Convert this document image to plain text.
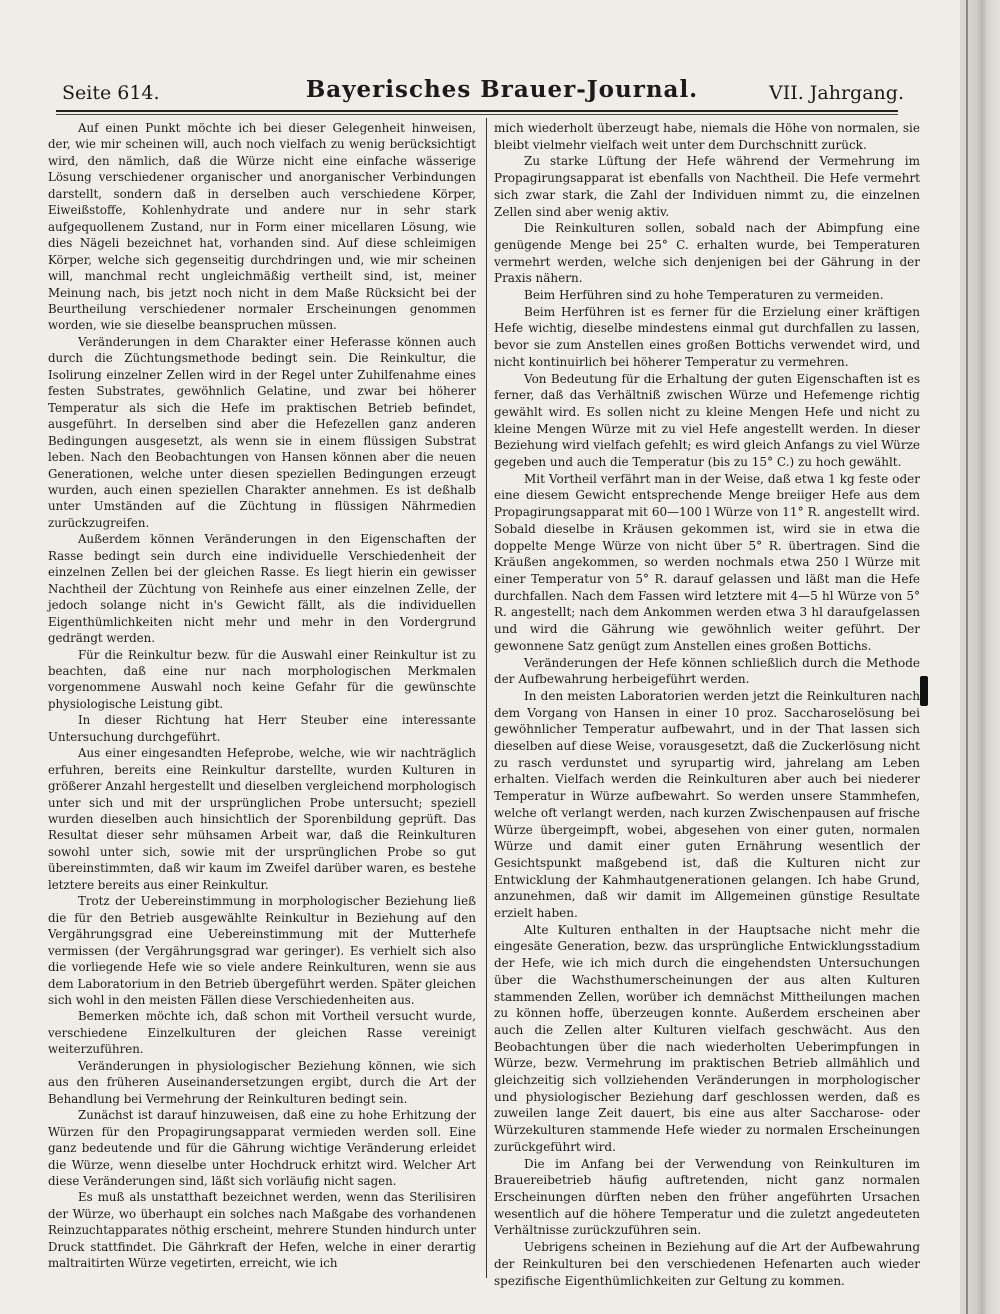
Seite 614.	Bayerisches Brauer-Journal.	VII. Jahrgang.

Auf einen Punkt möchte ich bei dieser Gelegenheit hinweisen, der, wie mir scheinen will, auch noch vielfach zu wenig berücksichtigt wird, den nämlich, daß die Würze nicht eine einfache wässerige Lösung verschiedener organischer und anorganischer Verbindungen darstellt, sondern daß in derselben auch verschiedene Körper, Eiweißstoffe, Kohlenhydrate und andere nur in sehr stark aufgequollenem Zustand, nur in Form einer micellaren Lösung, wie dies Nägeli bezeichnet hat, vorhanden sind. Auf diese schleimigen Körper, welche sich gegenseitig durchdringen und, wie mir scheinen will, manchmal recht ungleichmäßig vertheilt sind, ist, meiner Meinung nach, bis jetzt noch nicht in dem Maße Rücksicht bei der Beurtheilung verschiedener normaler Erscheinungen genommen worden, wie sie dieselbe beanspruchen müssen.

Veränderungen in dem Charakter einer Heferasse können auch durch die Züchtungsmethode bedingt sein. Die Reinkultur, die Isolirung einzelner Zellen wird in der Regel unter Zuhilfenahme eines festen Substrates, gewöhnlich Gelatine, und zwar bei höherer Temperatur als sich die Hefe im praktischen Betrieb befindet, ausgeführt. In derselben sind aber die Hefezellen ganz anderen Bedingungen ausgesetzt, als wenn sie in einem flüssigen Substrat leben. Nach den Beobachtungen von Hansen können aber die neuen Generationen, welche unter diesen speziellen Bedingungen erzeugt wurden, auch einen speziellen Charakter annehmen. Es ist deßhalb unter Umständen auf die Züchtung in flüssigen Nährmedien zurückzugreifen.

Außerdem können Veränderungen in den Eigenschaften der Rasse bedingt sein durch eine individuelle Verschiedenheit der einzelnen Zellen bei der gleichen Rasse. Es liegt hierin ein gewisser Nachtheil der Züchtung von Reinhefe aus einer einzelnen Zelle, der jedoch solange nicht in's Gewicht fällt, als die individuellen Eigenthümlichkeiten nicht mehr und mehr in den Vordergrund gedrängt werden.

Für die Reinkultur bezw. für die Auswahl einer Reinkultur ist zu beachten, daß eine nur nach morphologischen Merkmalen vorgenommene Auswahl noch keine Gefahr für die gewünschte physiologische Leistung gibt.

In dieser Richtung hat Herr Steuber eine interessante Untersuchung durchgeführt.

Aus einer eingesandten Hefeprobe, welche, wie wir nachträglich erfuhren, bereits eine Reinkultur darstellte, wurden Kulturen in größerer Anzahl hergestellt und dieselben vergleichend morphologisch unter sich und mit der ursprünglichen Probe untersucht; speziell wurden dieselben auch hinsichtlich der Sporenbildung geprüft. Das Resultat dieser sehr mühsamen Arbeit war, daß die Reinkulturen sowohl unter sich, sowie mit der ursprünglichen Probe so gut übereinstimmten, daß wir kaum im Zweifel darüber waren, es bestehe letztere bereits aus einer Reinkultur.

Trotz der Uebereinstimmung in morphologischer Beziehung ließ die für den Betrieb ausgewählte Reinkultur in Beziehung auf den Vergährungsgrad eine Uebereinstimmung mit der Mutterhefe vermissen (der Vergährungsgrad war geringer). Es verhielt sich also die vorliegende Hefe wie so viele andere Reinkulturen, wenn sie aus dem Laboratorium in den Betrieb übergeführt werden. Später gleichen sich wohl in den meisten Fällen diese Verschiedenheiten aus.

Bemerken möchte ich, daß schon mit Vortheil versucht wurde, verschiedene Einzelkulturen der gleichen Rasse vereinigt weiterzuführen.

Veränderungen in physiologischer Beziehung können, wie sich aus den früheren Auseinandersetzungen ergibt, durch die Art der Behandlung bei Vermehrung der Reinkulturen bedingt sein.

Zunächst ist darauf hinzuweisen, daß eine zu hohe Erhitzung der Würzen für den Propagirungsapparat vermieden werden soll. Eine ganz bedeutende und für die Gährung wichtige Veränderung erleidet die Würze, wenn dieselbe unter Hochdruck erhitzt wird. Welcher Art diese Veränderungen sind, läßt sich vorläufig nicht sagen.

Es muß als unstatthaft bezeichnet werden, wenn das Sterilisiren der Würze, wo überhaupt ein solches nach Maßgabe des vorhandenen Reinzuchtapparates nöthig erscheint, mehrere Stunden hindurch unter Druck stattfindet. Die Gährkraft der Hefen, welche in einer derartig maltraitirten Würze vegetirten, erreicht, wie ich

mich wiederholt überzeugt habe, niemals die Höhe von normalen, sie bleibt vielmehr vielfach weit unter dem Durchschnitt zurück.

Zu starke Lüftung der Hefe während der Vermehrung im Propagirungsapparat ist ebenfalls von Nachtheil. Die Hefe vermehrt sich zwar stark, die Zahl der Individuen nimmt zu, die einzelnen Zellen sind aber wenig aktiv.

Die Reinkulturen sollen, sobald nach der Abimpfung eine genügende Menge bei 25° C. erhalten wurde, bei Temperaturen vermehrt werden, welche sich denjenigen bei der Gährung in der Praxis nähern.

Beim Herführen sind zu hohe Temperaturen zu vermeiden.

Beim Herführen ist es ferner für die Erzielung einer kräftigen Hefe wichtig, dieselbe mindestens einmal gut durchfallen zu lassen, bevor sie zum Anstellen eines großen Bottichs verwendet wird, und nicht kontinuirlich bei höherer Temperatur zu vermehren.

Von Bedeutung für die Erhaltung der guten Eigenschaften ist es ferner, daß das Verhältniß zwischen Würze und Hefemenge richtig gewählt wird. Es sollen nicht zu kleine Mengen Hefe und nicht zu kleine Mengen Würze mit zu viel Hefe angestellt werden. In dieser Beziehung wird vielfach gefehlt; es wird gleich Anfangs zu viel Würze gegeben und auch die Temperatur (bis zu 15° C.) zu hoch gewählt.

Mit Vortheil verfährt man in der Weise, daß etwa 1 kg feste oder eine diesem Gewicht entsprechende Menge breiiger Hefe aus dem Propagirungsapparat mit 60—100 l Würze von 11° R. angestellt wird. Sobald dieselbe in Kräusen gekommen ist, wird sie in etwa die doppelte Menge Würze von nicht über 5° R. übertragen. Sind die Kräußen angekommen, so werden nochmals etwa 250 l Würze mit einer Temperatur von 5° R. darauf gelassen und läßt man die Hefe durchfallen. Nach dem Fassen wird letztere mit 4—5 hl Würze von 5° R. angestellt; nach dem Ankommen werden etwa 3 hl daraufgelassen und wird die Gährung wie gewöhnlich weiter geführt. Der gewonnene Satz genügt zum Anstellen eines großen Bottichs.

Veränderungen der Hefe können schließlich durch die Methode der Aufbewahrung herbeigeführt werden.

In den meisten Laboratorien werden jetzt die Reinkulturen nach dem Vorgang von Hansen in einer 10 proz. Saccharoselösung bei gewöhnlicher Temperatur aufbewahrt, und in der That lassen sich dieselben auf diese Weise, vorausgesetzt, daß die Zuckerlösung nicht zu rasch verdunstet und syrupartig wird, jahrelang am Leben erhalten. Vielfach werden die Reinkulturen aber auch bei niederer Temperatur in Würze aufbewahrt. So werden unsere Stammhefen, welche oft verlangt werden, nach kurzen Zwischenpausen auf frische Würze übergeimpft, wobei, abgesehen von einer guten, normalen Würze und damit einer guten Ernährung wesentlich der Gesichtspunkt maßgebend ist, daß die Kulturen nicht zur Entwicklung der Kahmhautgenerationen gelangen. Ich habe Grund, anzunehmen, daß wir damit im Allgemeinen günstige Resultate erzielt haben.

Alte Kulturen enthalten in der Hauptsache nicht mehr die eingesäte Generation, bezw. das ursprüngliche Entwicklungsstadium der Hefe, wie ich mich durch die eingehendsten Untersuchungen über die Wachsthumerscheinungen der aus alten Kulturen stammenden Zellen, worüber ich demnächst Mittheilungen machen zu können hoffe, überzeugen konnte. Außerdem erscheinen aber auch die Zellen alter Kulturen vielfach geschwächt. Aus den Beobachtungen über die nach wiederholten Ueberimpfungen in Würze, bezw. Vermehrung im praktischen Betrieb allmählich und gleichzeitig sich vollziehenden Veränderungen in morphologischer und physiologischer Beziehung darf geschlossen werden, daß es zuweilen lange Zeit dauert, bis eine aus alter Saccharose- oder Würzekulturen stammende Hefe wieder zu normalen Erscheinungen zurückgeführt wird.

Die im Anfang bei der Verwendung von Reinkulturen im Brauereibetrieb häufig auftretenden, nicht ganz normalen Erscheinungen dürften neben den früher angeführten Ursachen wesentlich auf die höhere Temperatur und die zuletzt angedeuteten Verhältnisse zurückzuführen sein.

Uebrigens scheinen in Beziehung auf die Art der Aufbewahrung der Reinkulturen bei den verschiedenen Hefenarten auch wieder spezifische Eigenthümlichkeiten zur Geltung zu kommen.
